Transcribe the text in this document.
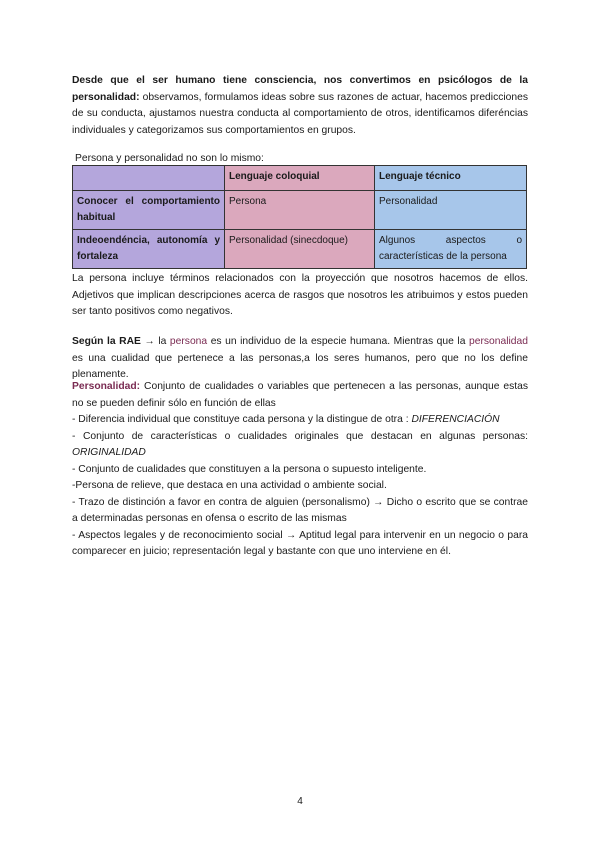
Desde que el ser humano tiene consciencia, nos convertimos en psicólogos de la personalidad: observamos, formulamos ideas sobre sus razones de actuar, hacemos predicciones de su conducta, ajustamos nuestra conducta al comportamiento de otros, identificamos diferéncias individuales y categorizamos sus comportamientos en grupos.
Persona y personalidad no son lo mismo:
	Lenguaje coloquial	Lenguaje técnico
Conocer el comportamiento habitual	Persona	Personalidad
Indeoendéncia, autonomía y fortaleza	Personalidad (sinecdoque)	Algunos aspectos o características de la persona
La persona incluye términos relacionados con la proyección que nosotros hacemos de ellos. Adjetivos que implican descripciones acerca de rasgos que nosotros les atribuimos y estos pueden ser tanto positivos como negativos.
Según la RAE → la persona es un individuo de la especie humana. Mientras que la personalidad es una cualidad que pertenece a las personas,a los seres humanos, pero que no los define plenamente.

Personalidad: Conjunto de cualidades o variables que pertenecen a las personas, aunque estas no se pueden definir sólo en función de ellas

- Diferencia individual que constituye cada persona y la distingue de otra : DIFERENCIACIÓN

- Conjunto de características o cualidades originales que destacan en algunas personas: ORIGINALIDAD

- Conjunto de cualidades que constituyen a la persona o supuesto inteligente.

-Persona de relieve, que destaca en una actividad o ambiente social.

- Trazo de distinción a favor en contra de alguien (personalismo) → Dicho o escrito que se contrae a determinadas personas en ofensa o escrito de las mismas

- Aspectos legales y de reconocimiento social → Aptitud legal para intervenir en un negocio o para comparecer en juicio; representación legal y bastante con que uno interviene en él.

4
